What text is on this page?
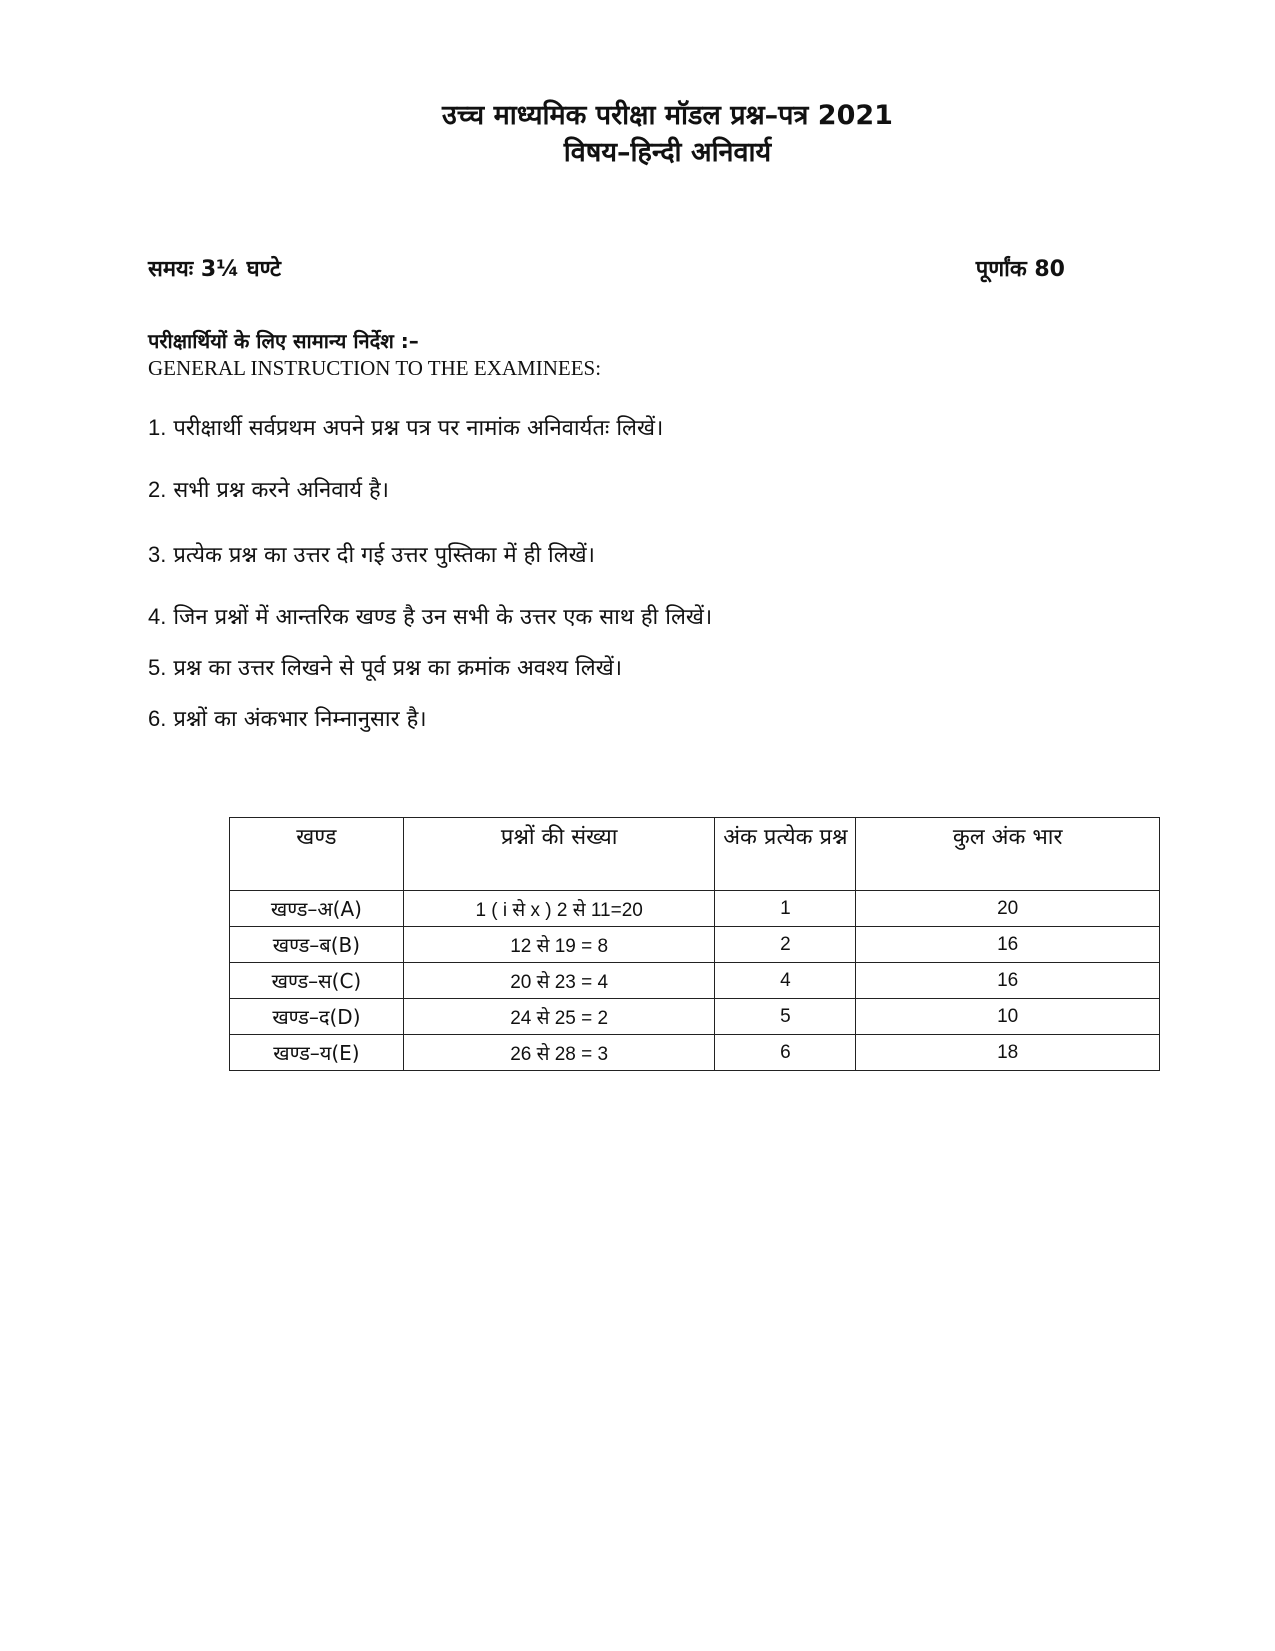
उच्च माध्यमिक परीक्षा मॉडल प्रश्न–पत्र 2021
विषय–हिन्दी अनिवार्य
समयः 3¼ घण्टे	पूर्णांक 80
परीक्षार्थियों के लिए सामान्य निर्देश :–
GENERAL INSTRUCTION TO THE EXAMINEES:
1. परीक्षार्थी सर्वप्रथम अपने प्रश्न पत्र पर नामांक अनिवार्यतः लिखें।
2. सभी प्रश्न करने अनिवार्य है।
3. प्रत्येक प्रश्न का उत्तर दी गई उत्तर पुस्तिका में ही लिखें।
4. जिन प्रश्नों में आन्तरिक खण्ड है उन सभी के उत्तर एक साथ ही लिखें।
5. प्रश्न का उत्तर लिखने से पूर्व प्रश्न का क्रमांक अवश्य लिखें।
6. प्रश्नों का अंकभार निम्नानुसार है।
खण्ड	प्रश्नों की संख्या	अंक प्रत्येक प्रश्न	कुल अंक भार
खण्ड–अ(A)	1 ( i से x ) 2 से 11=20	1	20
खण्ड–ब(B)	12 से 19 = 8	2	16
खण्ड–स(C)	20 से 23 = 4	4	16
खण्ड–द(D)	24 से 25 = 2	5	10
खण्ड–य(E)	26 से 28 = 3	6	18
